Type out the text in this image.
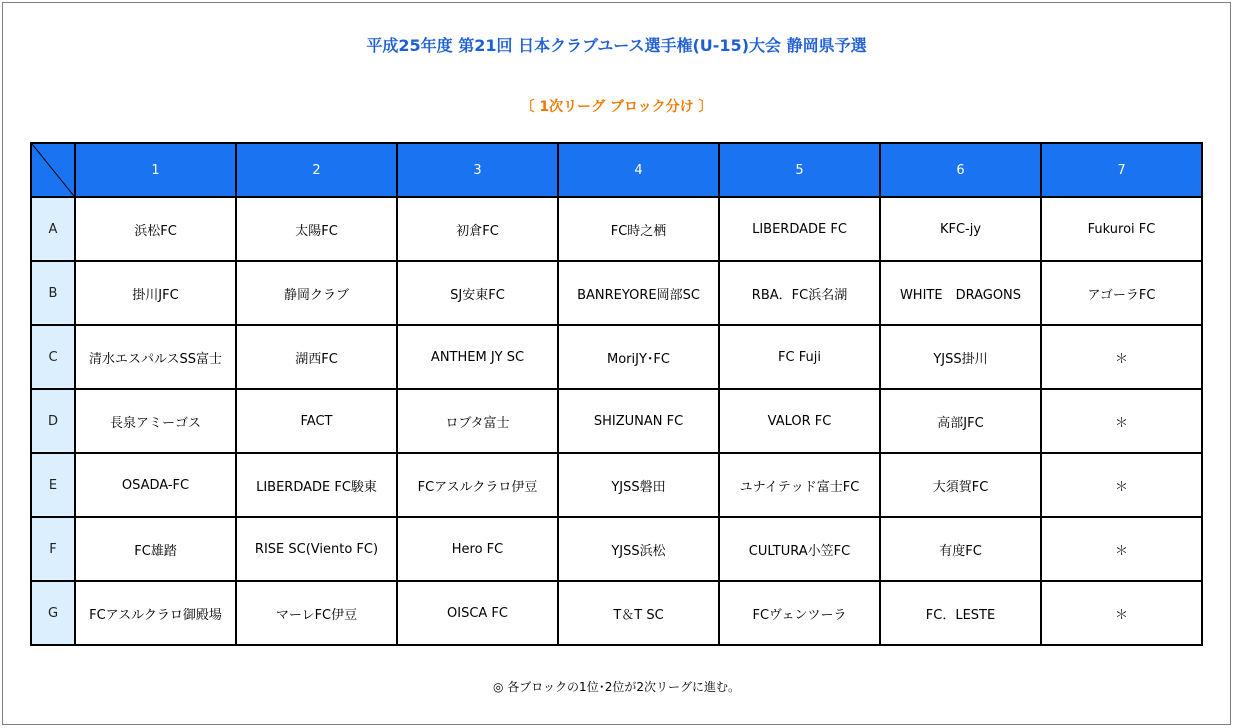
平成25年度 第21回 日本クラブユース選手権(U-15)大会 静岡県予選
〔 1次リーグ ブロック分け 〕
	1	2	3	4	5	6	7
A	浜松FC	太陽FC	初倉FC	FC時之栖	LIBERDADE FC	KFC-jy	Fukuroi FC
B	掛川JFC	静岡クラブ	SJ安東FC	BANREYORE岡部SC	RBA．FC浜名湖	WHITE　DRAGONS	アゴーラFC
C	清水エスパルスSS富士	湖西FC	ANTHEM JY SC	MoriJY･FC	FC Fuji	YJSS掛川	＊
D	長泉アミーゴス	FACT	ロブタ富士	SHIZUNAN FC	VALOR FC	高部JFC	＊
E	OSADA-FC	LIBERDADE FC駿東	FCアスルクラロ伊豆	YJSS磐田	ユナイテッド富士FC	大須賀FC	＊
F	FC雄踏	RISE SC(Viento FC)	Hero FC	YJSS浜松	CULTURA小笠FC	有度FC	＊
G	FCアスルクラロ御殿場	マーレFC伊豆	OISCA FC	T＆T SC	FCヴェンツーラ	FC．LESTE	＊
◎ 各ブロックの1位･2位が2次リーグに進む。
